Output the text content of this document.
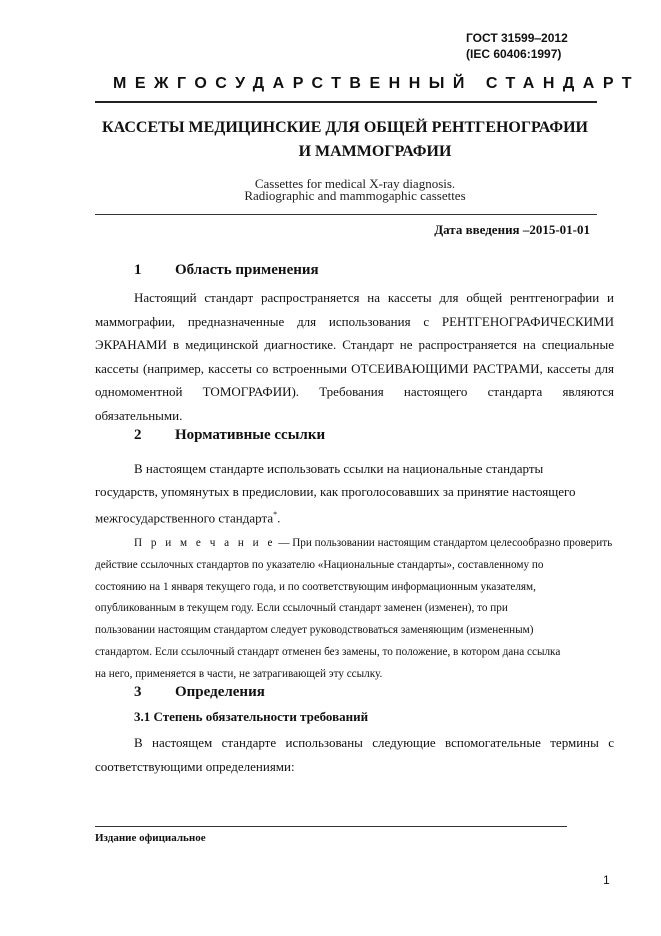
ГОСТ 31599‒2012
(IEC 60406:1997)
МЕЖГОСУДАРСТВЕННЫЙ СТАНДАРТ
КАССЕТЫ МЕДИЦИНСКИЕ ДЛЯ ОБЩЕЙ РЕНТГЕНОГРАФИИ
И МАММОГРАФИИ
Cassettes for medical X-ray diagnosis.
Radiographic and mammogaphic cassettes
Дата введения ‒2015-01-01
1 Область применения

Настоящий стандарт распространяется на кассеты для общей рентгенографии и маммографии, предназначенные для использования с РЕНТГЕНОГРАФИЧЕСКИМИ ЭКРАНАМИ в медицинской диагностике. Стандарт не распространяется на специальные кассеты (например, кассеты со встроенными ОТСЕИВАЮЩИМИ РАСТРАМИ, кассеты для одномоментной ТОМОГРАФИИ). Требования настоящего стандарта являются обязательными.

2 Нормативные ссылки
В настоящем стандарте использовать ссылки на национальные стандарты
государств, упомянутых в предисловии, как проголосовавших за принятие настоящего
межгосударственного стандарта*.
П р и м е ч а н и е — При пользовании настоящим стандартом целесообразно проверить
действие ссылочных стандартов по указателю «Национальные стандарты», составленному по
состоянию на 1 января текущего года, и по соответствующим информационным указателям,
опубликованным в текущем году. Если ссылочный стандарт заменен (изменен), то при
пользовании настоящим стандартом следует руководствоваться заменяющим (измененным)
стандартом. Если ссылочный стандарт отменен без замены, то положение, в котором дана ссылка
на него, применяется в части, не затрагивающей эту ссылку.
3 Определения
3.1 Степень обязательности требований

В настоящем стандарте использованы следующие вспомогательные термины с соответствующими определениями:

Издание официальное
1
